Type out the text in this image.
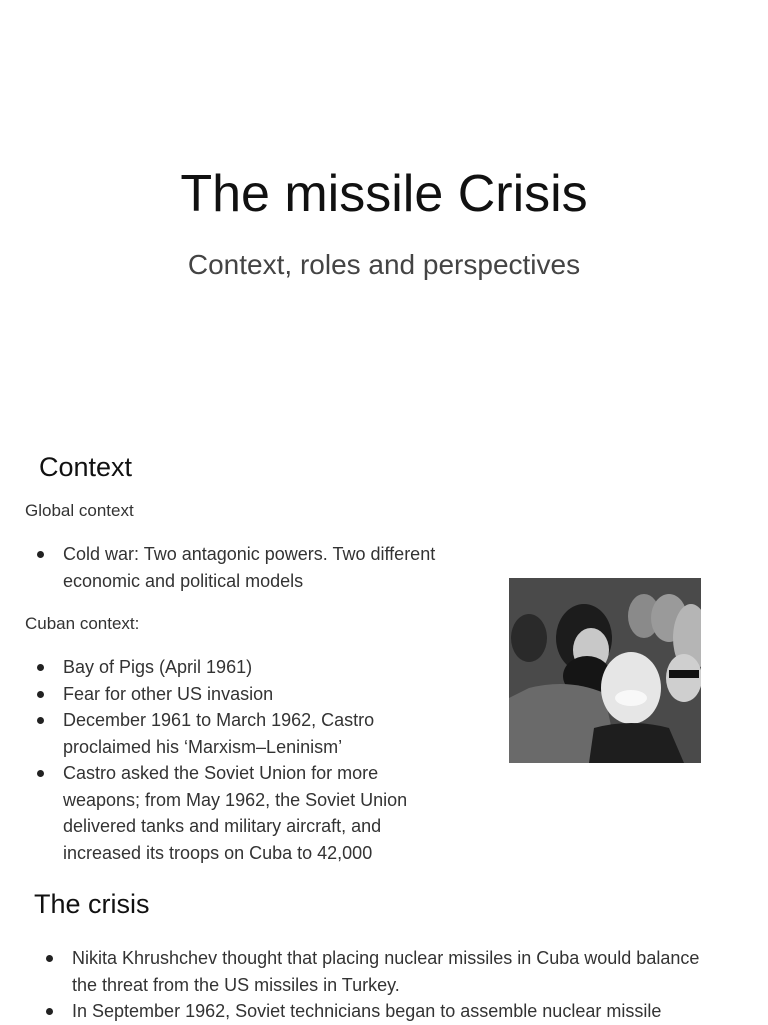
The missile Crisis
Context, roles and perspectives
Context
Global context
Cold war: Two antagonic powers. Two different economic and political models
Cuban context:
Bay of Pigs (April 1961)
Fear for other US invasion
December 1961 to March 1962, Castro proclaimed his ‘Marxism–Leninism’
Castro asked the Soviet Union for more weapons; from May 1962, the Soviet Union delivered tanks and military aircraft, and increased its troops on Cuba to 42,000
The crisis
Nikita Khrushchev thought that placing nuclear missiles in Cuba would balance the threat from the US missiles in Turkey.
In September 1962, Soviet technicians began to assemble nuclear missile
